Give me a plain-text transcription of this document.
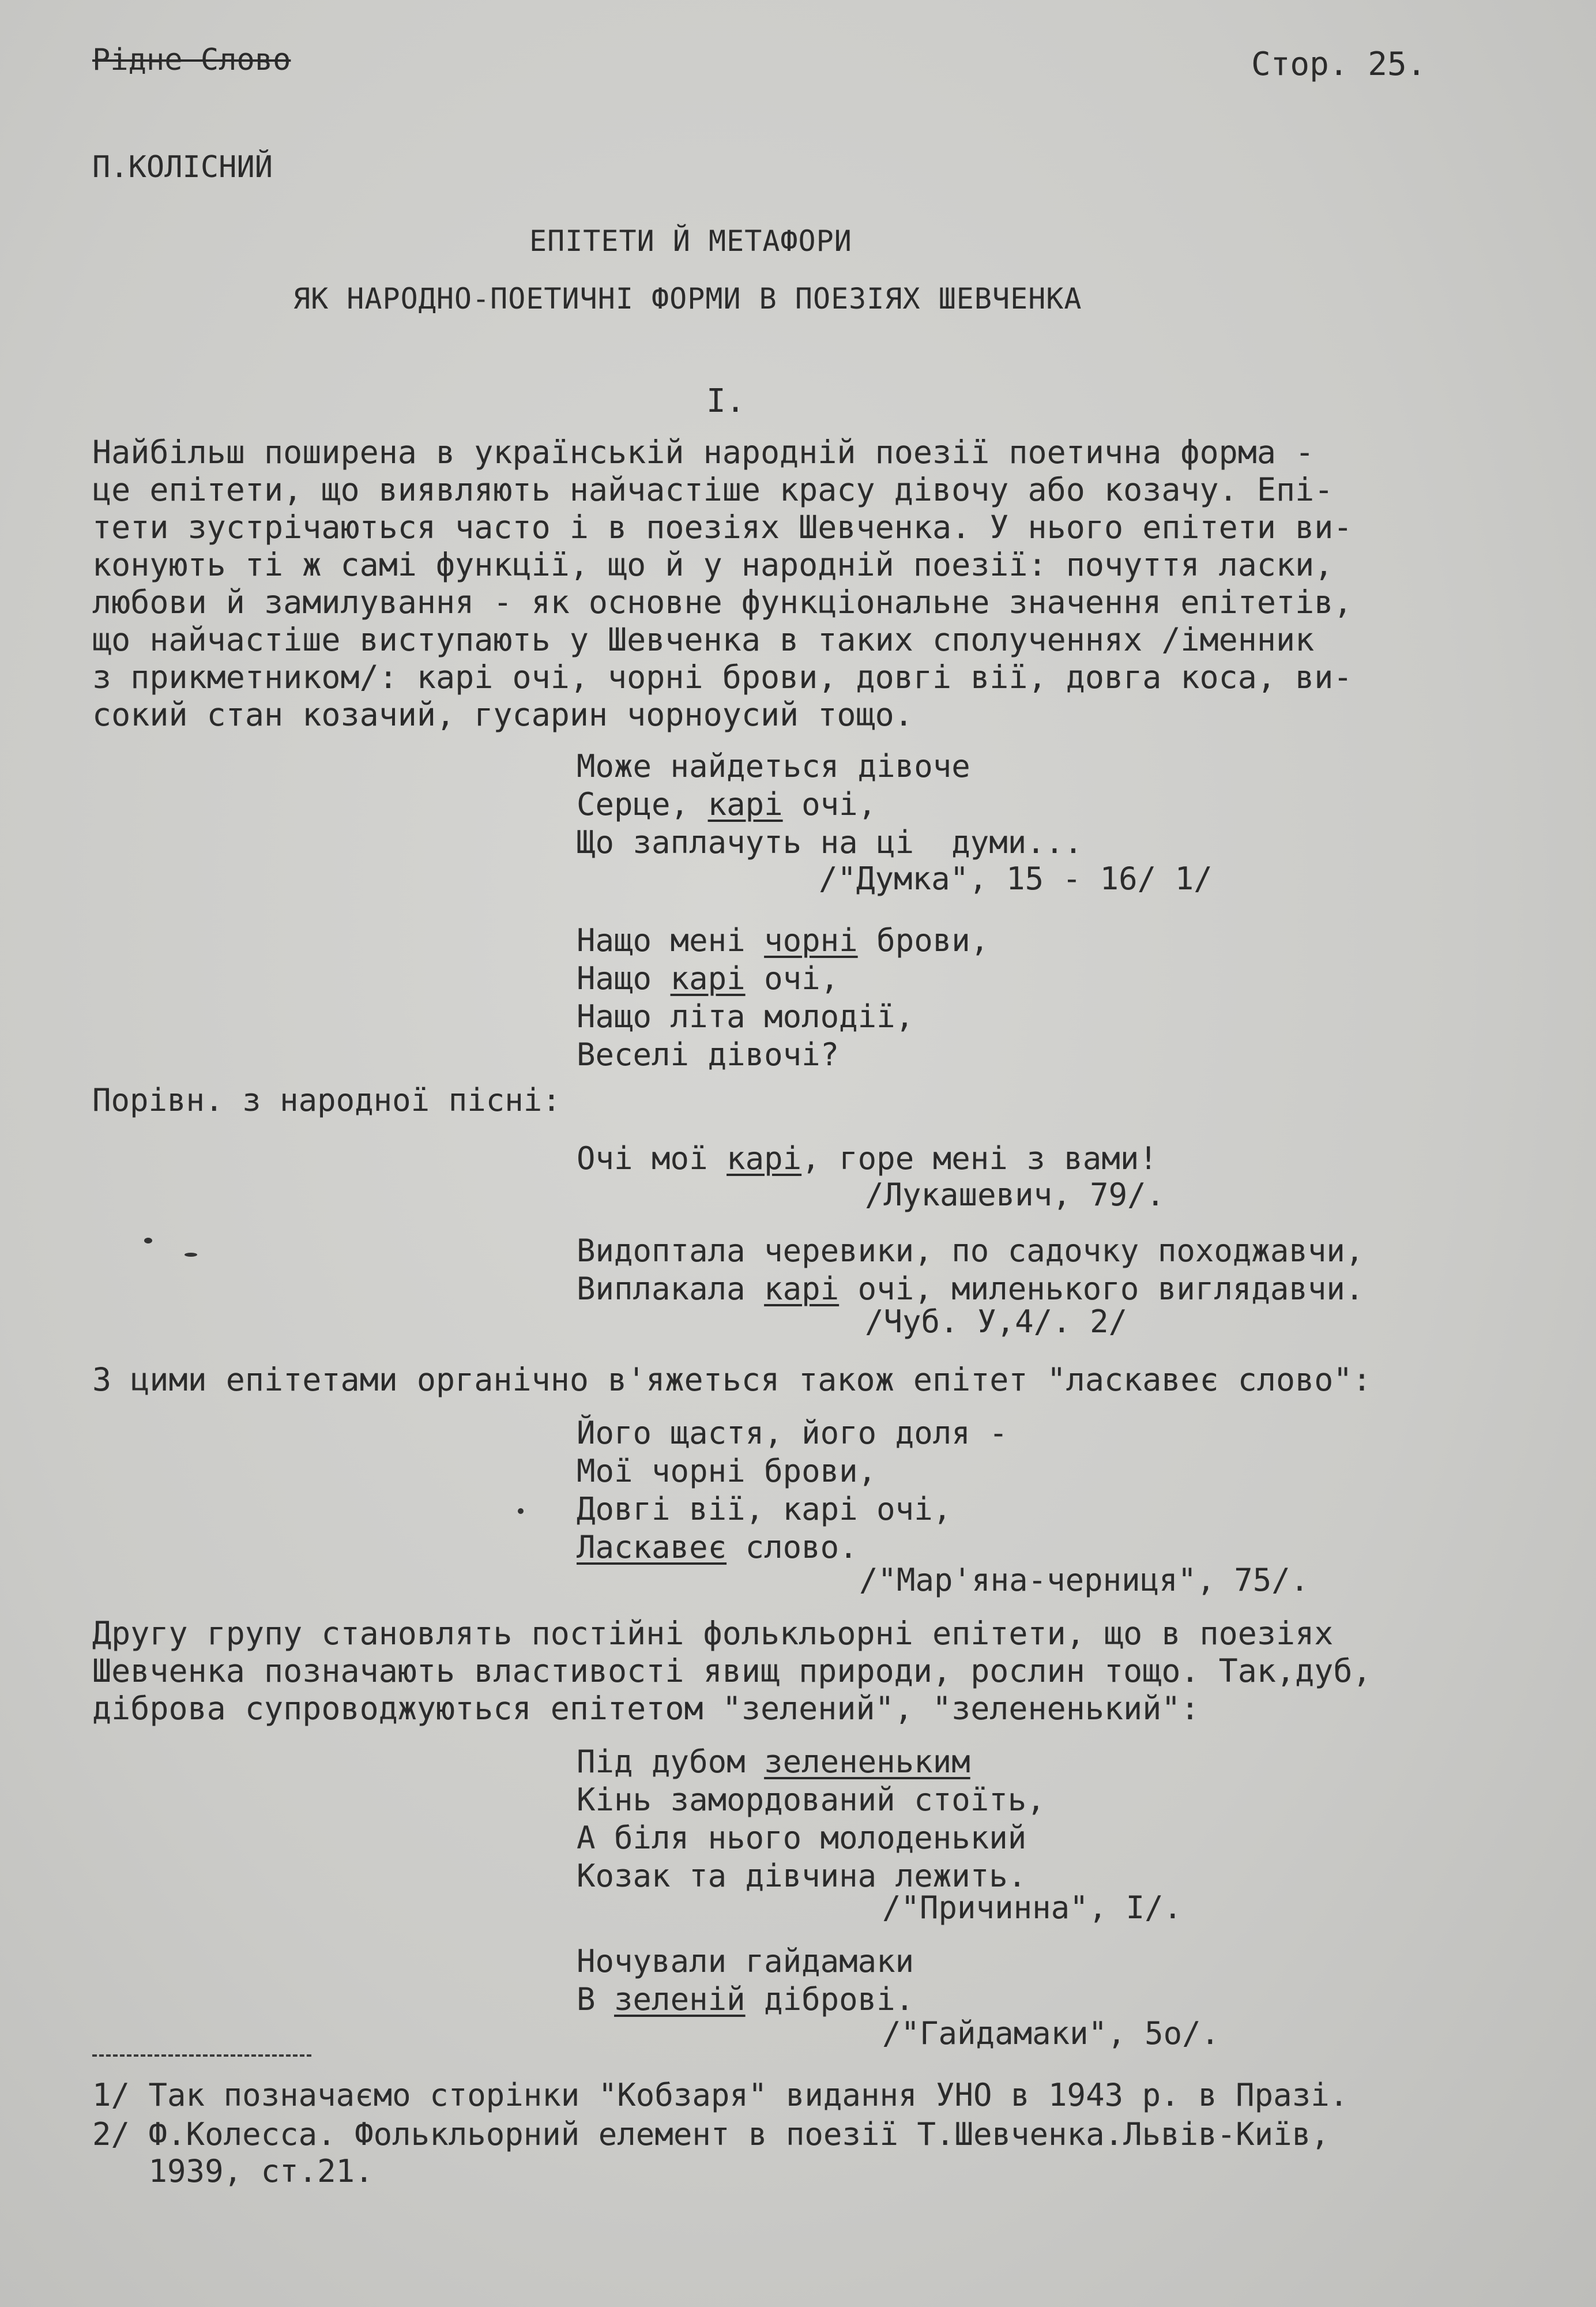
Рідне Слово	Стор. 25.
П.КОЛІСНИЙ
ЕПІТЕТИ Й МЕТАФОРИ
ЯК НАРОДНО-ПОЕТИЧНІ ФОРМИ В ПОЕЗІЯХ ШЕВЧЕНКА
I.
Найбільш поширена в українській народній поезії поетична форма -
це епітети, що виявляють найчастіше красу дівочу або козачу. Епі-
тети зустрічаються часто і в поезіях Шевченка. У нього епітети ви-
конують ті ж самі функції, що й у народній поезії: почуття ласки,
любови й замилування - як основне функціональне значення епітетів,
що найчастіше виступають у Шевченка в таких сполученнях /іменник
з прикметником/: карі очі, чорні брови, довгі вії, довга коса, ви-
сокий стан козачий, гусарин чорноусий тощо.
Може найдеться дівоче
Серце, карі очі,
Що заплачуть на ці  думи...
/"Думка", 15 - 16/ 1/
Нащо мені чорні брови,
Нащо карі очі,
Нащо літа молодії,
Веселі дівочі?
Порівн. з народної пісні:
Очі мої карі, горе мені з вами!
/Лукашевич, 79/.
Видоптала черевики, по садочку походжавчи,
Виплакала карі очі, миленького виглядавчи.
/Чуб. У,4/. 2/
З цими епітетами органічно в'яжеться також епітет "ласкавеє слово":
Його щастя, його доля -
Мої чорні брови,
Довгі вії, карі очі,
Ласкавеє слово.
/"Мар'яна-черниця", 75/.
Другу групу становлять постійні фолькльорні епітети, що в поезіях
Шевченка позначають властивості явищ природи, рослин тощо. Так,дуб,
діброва супроводжуються епітетом "зелений", "зелененький":
Під дубом зелененьким
Кінь замордований стоїть,
А біля нього молоденький
Козак та дівчина лежить.
/"Причинна", I/.
Ночували гайдамаки
В зеленій діброві.
/"Гайдамаки", 5о/.
1/ Так позначаємо сторінки "Кобзаря" видання УНО в 1943 р. в Празі.
2/ Ф.Колесса. Фолькльорний елемент в поезії Т.Шевченка.Львів-Київ,
1939, ст.21.
